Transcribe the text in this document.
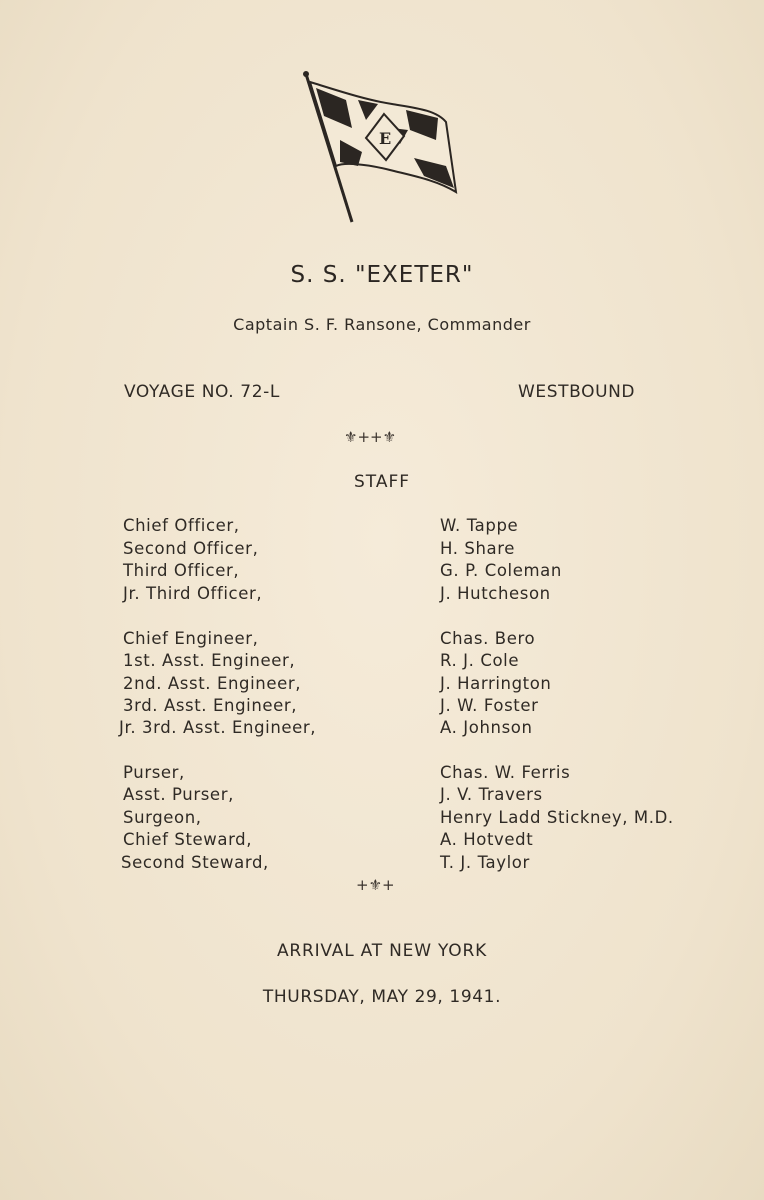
E
S. S. "EXETER"
Captain S. F. Ransone, Commander
VOYAGE NO. 72-L	WESTBOUND
⚜++⚜
STAFF
Chief Officer,	W. Tappe
Second Officer,	H. Share
Third Officer,	G. P. Coleman
Jr. Third Officer,	J. Hutcheson
Chief Engineer,	Chas. Bero
1st. Asst. Engineer,	R. J. Cole
2nd. Asst. Engineer,	J. Harrington
3rd. Asst. Engineer,	J. W. Foster
Jr. 3rd. Asst. Engineer,	A. Johnson
Purser,	Chas. W. Ferris
Asst. Purser,	J. V. Travers
Surgeon,	Henry Ladd Stickney, M.D.
Chief Steward,	A. Hotvedt
Second Steward,	T. J. Taylor
+⚜+
ARRIVAL AT NEW YORK
THURSDAY, MAY 29, 1941.
